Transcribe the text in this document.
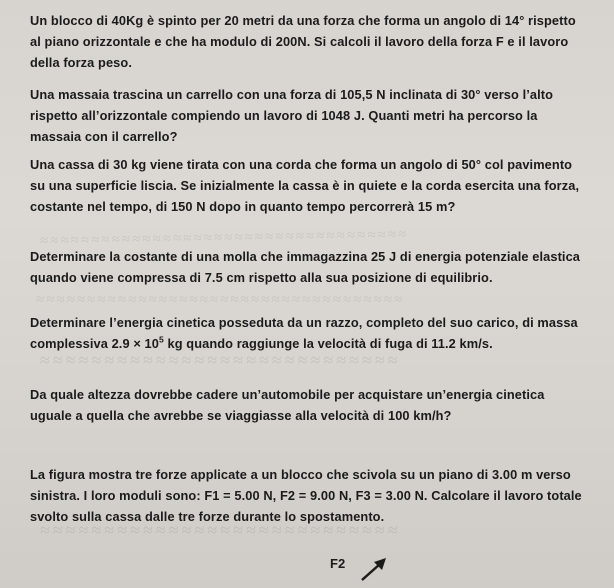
≈≈≈≈≈≈≈≈≈≈≈≈≈≈≈≈≈≈≈≈≈≈≈≈≈≈≈≈≈≈≈≈≈≈≈≈
≈≈≈≈≈≈≈≈≈≈≈≈≈≈≈≈≈≈≈≈≈≈≈≈≈≈≈≈≈≈≈≈≈≈≈≈
≈≈≈≈≈≈≈≈≈≈≈≈≈≈≈≈≈≈≈≈≈≈≈≈≈≈≈≈
≈≈≈≈≈≈≈≈≈≈≈≈≈≈≈≈≈≈≈≈≈≈≈≈≈≈≈≈
Un blocco di 40Kg è spinto per 20 metri da una forza che forma un angolo di 14° rispetto al piano orizzontale e che ha modulo di 200N. Si calcoli il lavoro della forza F e il lavoro della forza peso.
Una massaia trascina un carrello con una forza di 105,5 N inclinata di 30° verso l’alto rispetto all’orizzontale compiendo un lavoro di 1048 J. Quanti metri ha percorso la massaia con il carrello?
Una cassa di 30 kg viene tirata con una corda che forma un angolo di 50° col pavimento su una superficie liscia. Se inizialmente la cassa è in quiete e la corda esercita una forza, costante nel tempo, di 150 N dopo in quanto tempo percorrerà 15 m?
Determinare la costante di una molla che immagazzina 25 J di energia potenziale elastica quando viene compressa di 7.5 cm rispetto alla sua posizione di equilibrio.
Determinare l’energia cinetica posseduta da un razzo, completo del suo carico, di massa complessiva $2.9 \times 10^5$ kg quando raggiunge la velocità di fuga di 11.2 km/s.
Da quale altezza dovrebbe cadere un’automobile per acquistare un’energia cinetica uguale a quella che avrebbe se viaggiasse alla velocità di 100 km/h?
La figura mostra tre forze applicate a un blocco che scivola su un piano di 3.00 m verso sinistra. I loro moduli sono: F1 = 5.00 N, F2 = 9.00 N, F3 = 3.00 N. Calcolare il lavoro totale svolto sulla cassa dalle tre forze durante lo spostamento.
F2
